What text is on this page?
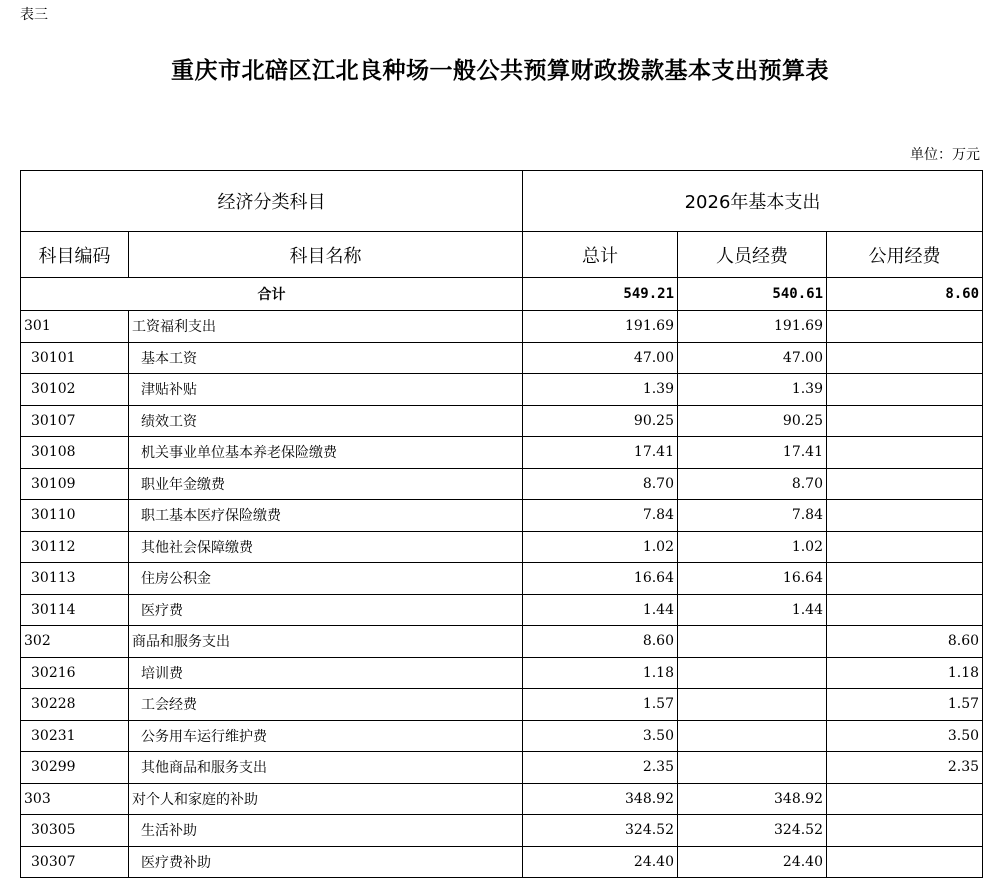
表三
重庆市北碚区江北良种场一般公共预算财政拨款基本支出预算表
单位：万元
经济分类科目		2026年基本支出		
科目编码	科目名称	总计	人员经费	公用经费
合计		549.21	540.61	8.60
301	工资福利支出	191.69	191.69	
30101	基本工资	47.00	47.00	
30102	津贴补贴	1.39	1.39	
30107	绩效工资	90.25	90.25	
30108	机关事业单位基本养老保险缴费	17.41	17.41	
30109	职业年金缴费	8.70	8.70	
30110	职工基本医疗保险缴费	7.84	7.84	
30112	其他社会保障缴费	1.02	1.02	
30113	住房公积金	16.64	16.64	
30114	医疗费	1.44	1.44	
302	商品和服务支出	8.60		8.60
30216	培训费	1.18		1.18
30228	工会经费	1.57		1.57
30231	公务用车运行维护费	3.50		3.50
30299	其他商品和服务支出	2.35		2.35
303	对个人和家庭的补助	348.92	348.92	
30305	生活补助	324.52	324.52	
30307	医疗费补助	24.40	24.40	
